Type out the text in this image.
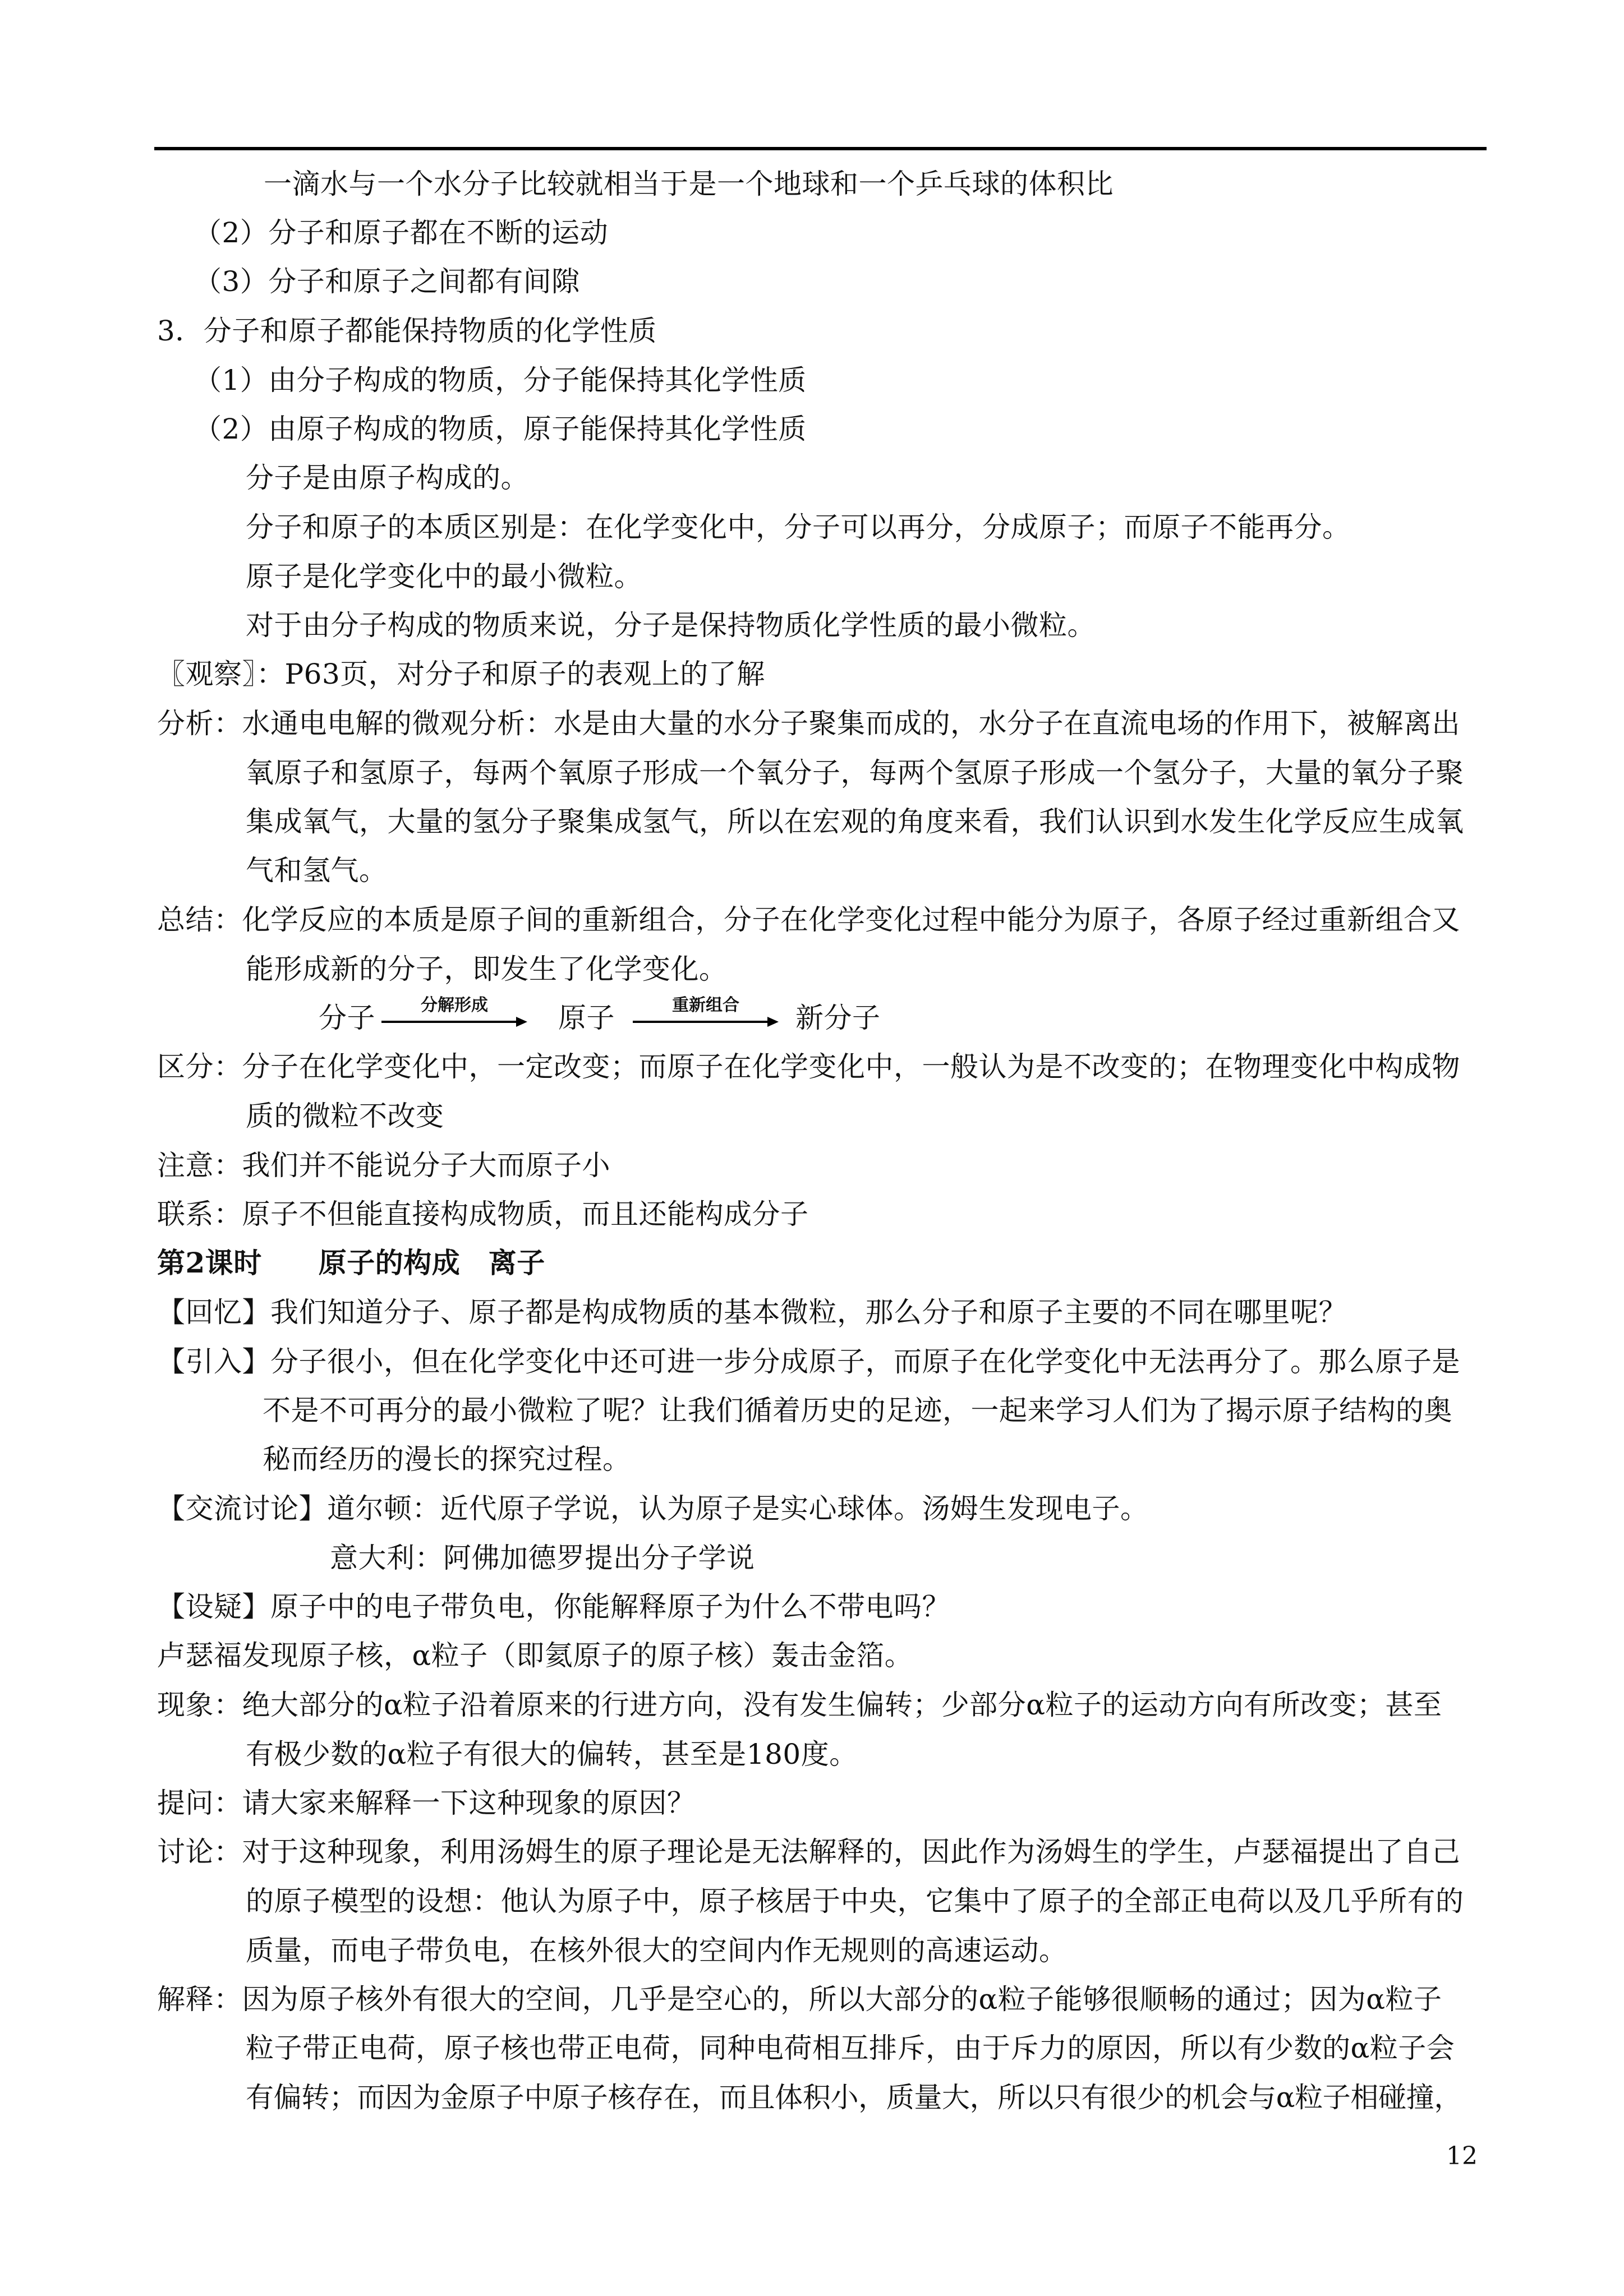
一滴水与一个水分子比较就相当于是一个地球和一个乒乓球的体积比
（2）分子和原子都在不断的运动
（3）分子和原子之间都有间隙
3．分子和原子都能保持物质的化学性质
（1）由分子构成的物质，分子能保持其化学性质
（2）由原子构成的物质，原子能保持其化学性质
分子是由原子构成的。
分子和原子的本质区别是：在化学变化中，分子可以再分，分成原子；而原子不能再分。
原子是化学变化中的最小微粒。
对于由分子构成的物质来说，分子是保持物质化学性质的最小微粒。
〖观察〗：P63页，对分子和原子的表观上的了解
分析：水通电电解的微观分析：水是由大量的水分子聚集而成的，水分子在直流电场的作用下，被解离出
氧原子和氢原子，每两个氧原子形成一个氧分子，每两个氢原子形成一个氢分子，大量的氧分子聚
集成氧气，大量的氢分子聚集成氢气，所以在宏观的角度来看，我们认识到水发生化学反应生成氧
气和氢气。
总结：化学反应的本质是原子间的重新组合，分子在化学变化过程中能分为原子，各原子经过重新组合又
能形成新的分子，即发生了化学变化。
分子	分解形成	原子	重新组合	新分子
区分：分子在化学变化中，一定改变；而原子在化学变化中，一般认为是不改变的；在物理变化中构成物
质的微粒不改变
注意：我们并不能说分子大而原子小
联系：原子不但能直接构成物质，而且还能构成分子
第2课时　　原子的构成　离子
【回忆】我们知道分子、原子都是构成物质的基本微粒，那么分子和原子主要的不同在哪里呢？
【引入】分子很小，但在化学变化中还可进一步分成原子，而原子在化学变化中无法再分了。那么原子是
不是不可再分的最小微粒了呢？让我们循着历史的足迹，一起来学习人们为了揭示原子结构的奥
秘而经历的漫长的探究过程。
【交流讨论】道尔顿：近代原子学说，认为原子是实心球体。汤姆生发现电子。
意大利：阿佛加德罗提出分子学说
【设疑】原子中的电子带负电，你能解释原子为什么不带电吗？
卢瑟福发现原子核，α粒子（即氦原子的原子核）轰击金箔。
现象：绝大部分的α粒子沿着原来的行进方向，没有发生偏转；少部分α粒子的运动方向有所改变；甚至
有极少数的α粒子有很大的偏转，甚至是180度。
提问：请大家来解释一下这种现象的原因？
讨论：对于这种现象，利用汤姆生的原子理论是无法解释的，因此作为汤姆生的学生，卢瑟福提出了自己
的原子模型的设想：他认为原子中，原子核居于中央，它集中了原子的全部正电荷以及几乎所有的
质量，而电子带负电，在核外很大的空间内作无规则的高速运动。
解释：因为原子核外有很大的空间，几乎是空心的，所以大部分的α粒子能够很顺畅的通过；因为α粒子
粒子带正电荷，原子核也带正电荷，同种电荷相互排斥，由于斥力的原因，所以有少数的α粒子会
有偏转；而因为金原子中原子核存在，而且体积小，质量大，所以只有很少的机会与α粒子相碰撞，
12
